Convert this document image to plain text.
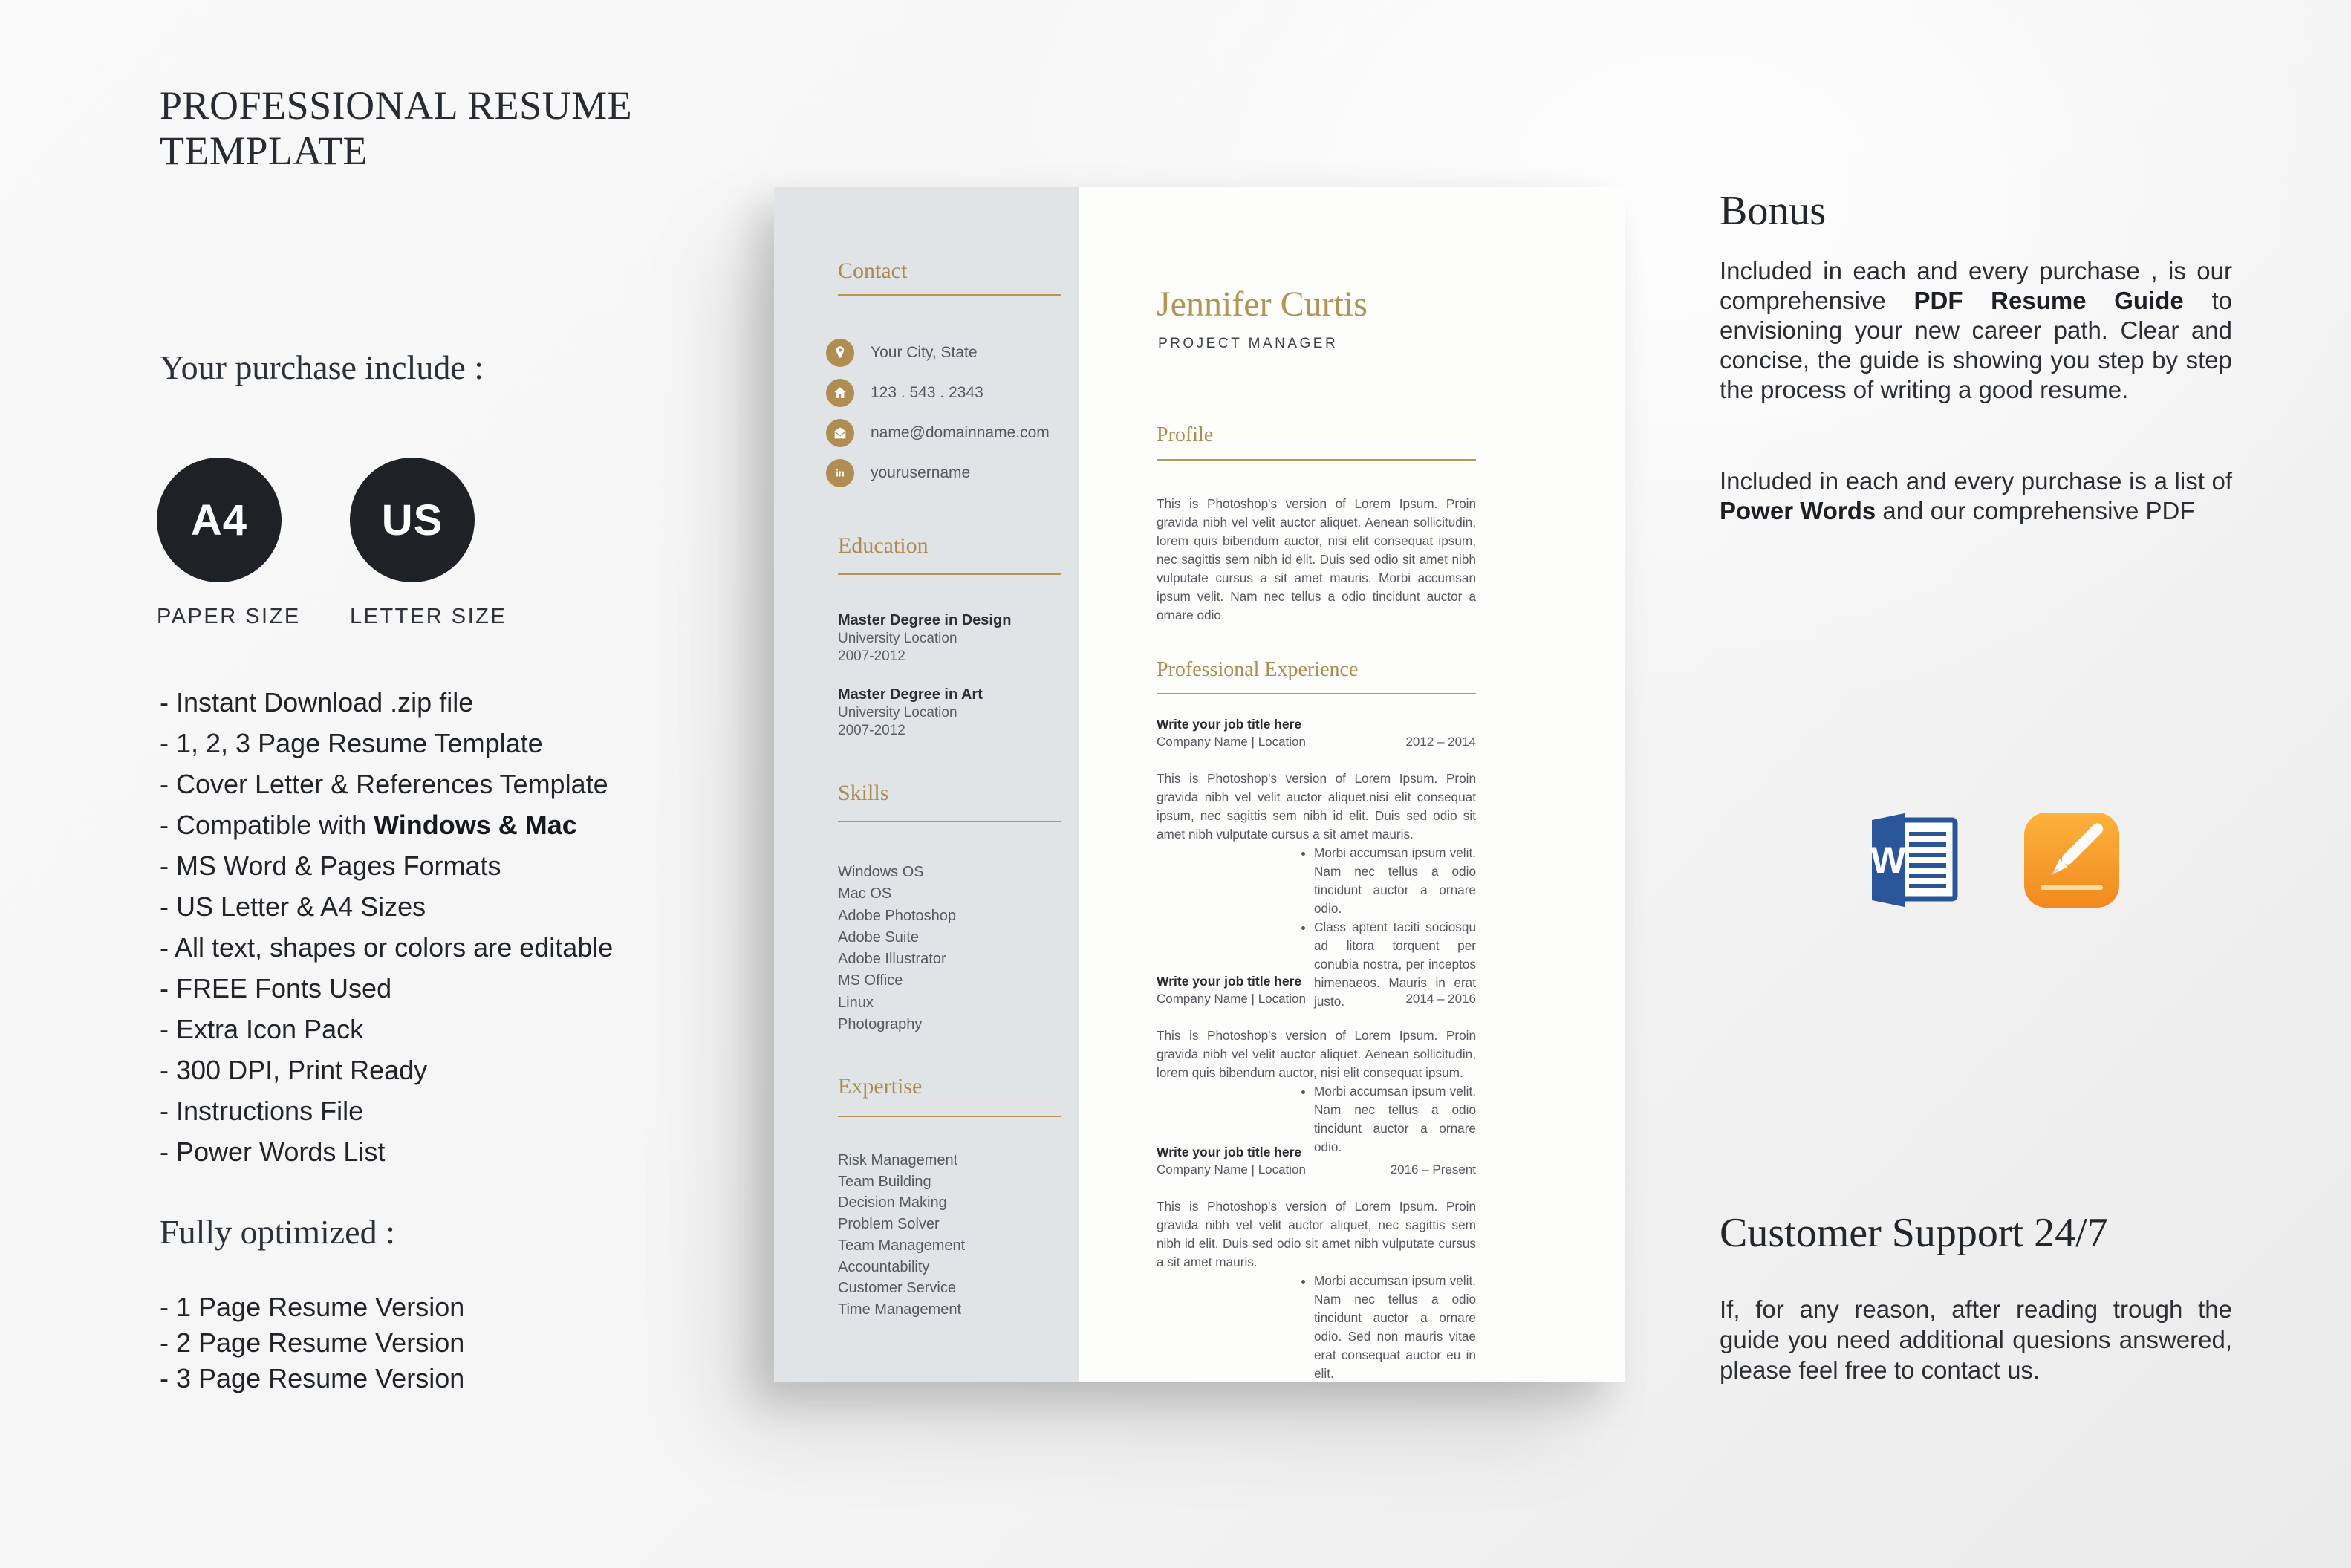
PROFESSIONAL RESUME TEMPLATE
Your purchase include :
A4
PAPER SIZE
US
LETTER SIZE
- Instant Download .zip file
- 1, 2, 3 Page Resume Template
- Cover Letter & References Template
- Compatible with Windows & Mac
- MS Word & Pages Formats
- US Letter & A4 Sizes
- All text, shapes or colors are editable
- FREE Fonts Used
- Extra Icon Pack
- 300 DPI, Print Ready
- Instructions File
- Power Words List
Fully optimized :
- 1 Page Resume Version
- 2 Page Resume Version
- 3 Page Resume Version
Contact
Your City, State
123 . 543 . 2343
name@domainname.com
in yourusername
Education
Master Degree in Design
University Location
2007-2012
Master Degree in Art
University Location
2007-2012
Skills
Windows OS
Mac OS
Adobe Photoshop
Adobe Suite
Adobe Illustrator
MS Office
Linux
Photography
Expertise
Risk Management
Team Building
Decision Making
Problem Solver
Team Management
Accountability
Customer Service
Time Management
Jennifer Curtis
PROJECT MANAGER
Profile

This is Photoshop's version of Lorem Ipsum. Proin gravida nibh vel velit auctor aliquet. Aenean sollicitudin, lorem quis bibendum auctor, nisi elit consequat ipsum, nec sagittis sem nibh id elit. Duis sed odio sit amet nibh vulputate cursus a sit amet mauris. Morbi accumsan ipsum velit. Nam nec tellus a odio tincidunt auctor a ornare odio.

Professional Experience
Write your job title here
Company Name | Location	2012 – 2014

This is Photoshop's version of Lorem Ipsum. Proin gravida nibh vel velit auctor aliquet.nisi elit consequat ipsum, nec sagittis sem nibh id elit. Duis sed odio sit amet nibh vulputate cursus a sit amet mauris.

• Morbi accumsan ipsum velit. Nam nec tellus a odio tincidunt auctor a ornare odio.
• Class aptent taciti sociosqu ad litora torquent per conubia nostra, per inceptos himenaeos. Mauris in erat justo.
Write your job title here
Company Name | Location	2014 – 2016

This is Photoshop's version of Lorem Ipsum. Proin gravida nibh vel velit auctor aliquet. Aenean sollicitudin, lorem quis bibendum auctor, nisi elit consequat ipsum.

• Morbi accumsan ipsum velit. Nam nec tellus a odio tincidunt auctor a ornare odio.
Write your job title here
Company Name | Location	2016 – Present

This is Photoshop's version of Lorem Ipsum. Proin gravida nibh vel velit auctor aliquet, nec sagittis sem nibh id elit. Duis sed odio sit amet nibh vulputate cursus a sit amet mauris.

• Morbi accumsan ipsum velit. Nam nec tellus a odio tincidunt auctor a ornare odio. Sed non mauris vitae erat consequat auctor eu in elit.
Bonus

Included in each and every purchase , is our comprehensive PDF Resume Guide to envisioning your new career path. Clear and concise, the guide is showing you step by step the process of writing a good resume.

Included in each and every purchase is a list of Power Words and our comprehensive PDF

W
Customer Support 24/7

If, for any reason, after reading trough the guide you need additional quesions answered, please feel free to contact us.
